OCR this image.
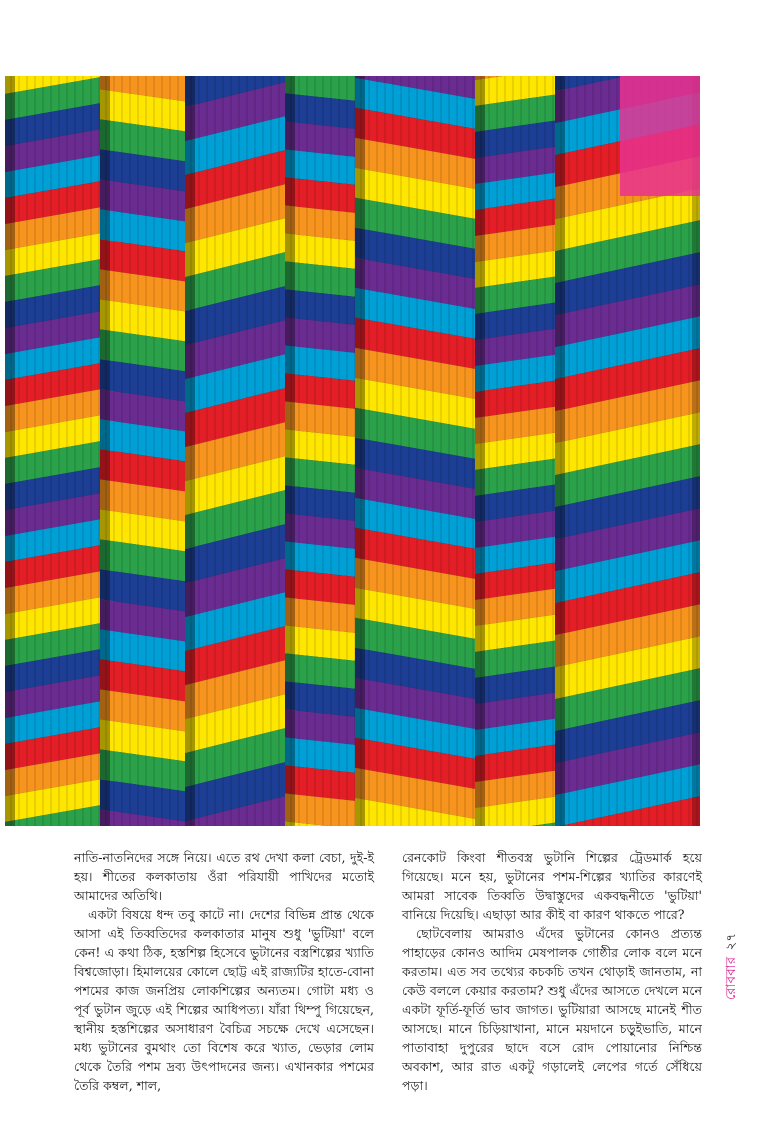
নাতি-নাতনিদের সঙ্গে নিয়ে। এতে রথ দেখা কলা বেচা, দুই-ই হয়। শীতের কলকাতায় ওঁরা পরিযায়ী পাখিদের মতোই আমাদের অতিথি।

একটা বিষয়ে ধন্দ তবু কাটে না। দেশের বিভিন্ন প্রান্ত থেকে আসা এই তিব্বতিদের কলকাতার মানুষ শুধু 'ভুটিয়া' বলে কেন! এ কথা ঠিক, হস্তশিল্প হিসেবে ভুটানের বস্ত্রশিল্পের খ্যাতি বিশ্বজোড়া। হিমালয়ের কোলে ছোট্ট এই রাজ্যটির হাতে-বোনা পশমের কাজ জনপ্রিয় লোকশিল্পের অন্যতম। গোটা মধ্য ও পূর্ব ভুটান জুড়ে এই শিল্পের আধিপত্য। যাঁরা থিম্পু গিয়েছেন, স্থানীয় হস্তশিল্পের অসাধারণ বৈচিত্র সচক্ষে দেখে এসেছেন। মধ্য ভুটানের বুমথাং তো বিশেষ করে খ্যাত, ভেড়ার লোম থেকে তৈরি পশম দ্রব্য উৎপাদনের জন্য। এখানকার পশমের তৈরি কম্বল, শাল,

রেনকোট কিংবা শীতবস্ত্র ভুটানি শিল্পের ট্রেডমার্ক হয়ে গিয়েছে। মনে হয়, ভুটানের পশম-শিল্পের খ্যাতির কারণেই আমরা সাবেক তিব্বতি উদ্বাস্তুদের একবদ্ধনীতে 'ভুটিয়া' বানিয়ে দিয়েছি। এছাড়া আর কীই বা কারণ থাকতে পারে?

ছোটবেলায় আমরাও এঁদের ভুটানের কোনও প্রত্যন্ত পাহাড়ের কোনও আদিম মেষপালক গোষ্ঠীর লোক বলে মনে করতাম। এত সব তথ্যের কচকচি তখন থোড়াই জানতাম, না কেউ বললে কেয়ার করতাম? শুধু এঁদের আসতে দেখলে মনে একটা ফূর্তি-ফূর্তি ভাব জাগত। ভুটিয়ারা আসছে মানেই শীত আসছে। মানে চিড়িয়াখানা, মানে ময়দানে চড়ুইভাতি, মানে পাতাবাহা দুপুরের ছাদে বসে রোদ পোয়ানোর নিশ্চিন্ত অবকাশ, আর রাত একটু গড়ালেই লেপের গর্তে সেঁধিয়ে পড়া।

রোববার২৭
